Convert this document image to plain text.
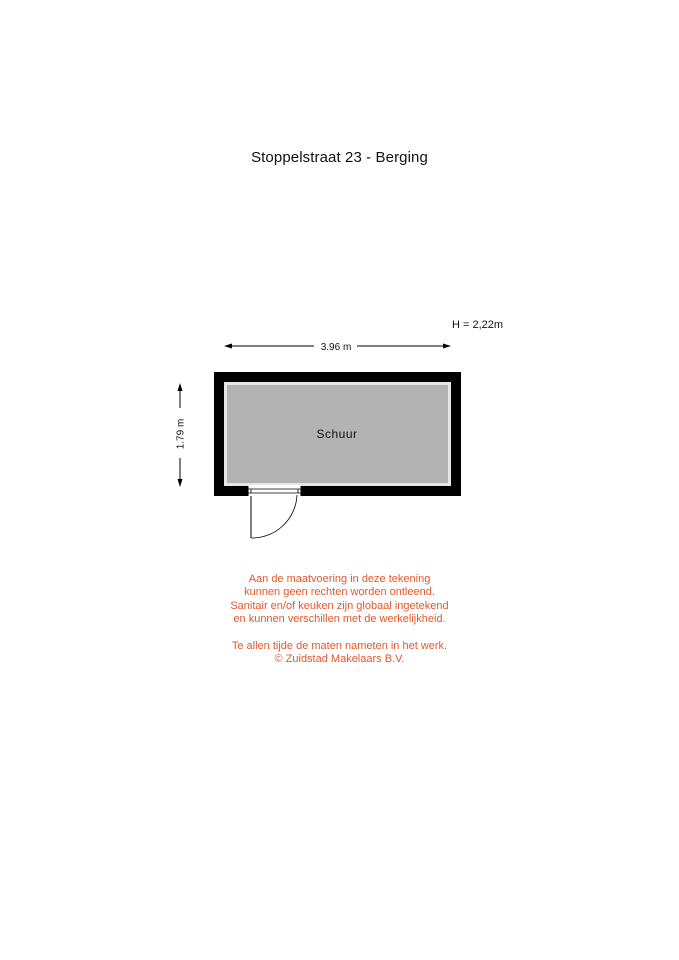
Stoppelstraat 23 - Berging
H = 2,22m
3.96 m
1.79 m	Schuur
Aan de maatvoering in deze tekening
kunnen geen rechten worden ontleend.
Sanitair en/of keuken zijn globaal ingetekend
en kunnen verschillen met de werkelijkheid.
Te allen tijde de maten nameten in het werk.
© Zuidstad Makelaars B.V.
